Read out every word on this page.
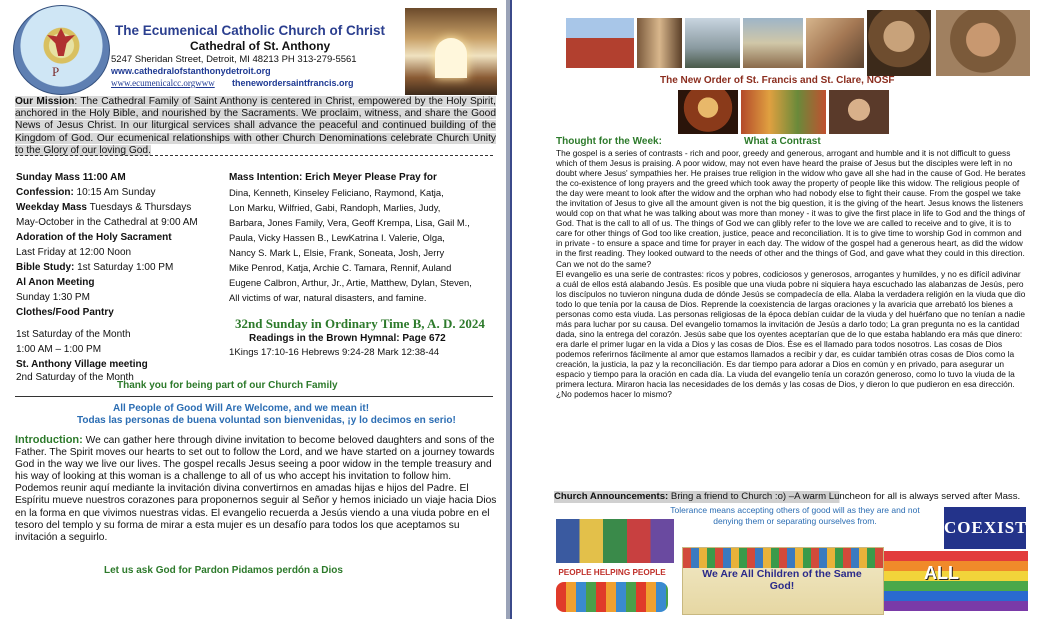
P
The Ecumenical Catholic Church of Christ
Cathedral of St. Anthony
5247 Sheridan Street, Detroit, MI 48213 PH 313-279-5561
www.cathedralofstanthonydetroit.org
www.ecumenicalcc.orgwww thenewordersaintfrancis.org
Our Mission: The Cathedral Family of Saint Anthony is centered in Christ, empowered by the Holy Spirit, anchored in the Holy Bible, and nourished by the Sacraments. We proclaim, witness, and share the Good News of Jesus Christ. In our liturgical services shall advance the peaceful and continued building of the Kingdom of God. Our ecumenical relationships with other Church Denominations celebrate Church Unity to the Glory of our loving God.
Sunday Mass 11:00 AM
Confession: 10:15 Am Sunday
Weekday Mass Tuesdays & Thursdays
May-October in the Cathedral at 9:00 AM
Adoration of the Holy Sacrament
Last Friday at 12:00 Noon
Bible Study: 1st Saturday 1:00 PM
Al Anon Meeting
Sunday 1:30 PM
Clothes/Food Pantry
1st Saturday of the Month
1:00 AM – 1:00 PM
St. Anthony Village meeting
2nd Saturday of the Month
Mass Intention: Erich Meyer Please Pray for
Dina, Kenneth, Kinseley Feliciano, Raymond, Katja,
Lon Marku, Wilfried, Gabi, Randoph, Marlies, Judy,
Barbara, Jones Family, Vera, Geoff Krempa, Lisa, Gail M.,
Paula, Vicky Hassen B., LewKatrina I. Valerie, Olga,
Nancy S. Mark L, Elsie, Frank, Soneata, Josh, Jerry
Mike Penrod, Katja, Archie C. Tamara, Rennif, Auland
Eugene Calbron, Arthur, Jr., Artie, Matthew, Dylan, Steven,
All victims of war, natural disasters, and famine.
32nd Sunday in Ordinary Time B, A. D. 2024
Readings in the Brown Hymnal: Page 672
1Kings 17:10-16 Hebrews 9:24-28 Mark 12:38-44
Thank you for being part of our Church Family
All People of Good Will Are Welcome, and we mean it!
Todas las personas de buena voluntad son bienvenidas, ¡y lo decimos en serio!
Introduction: We can gather here through divine invitation to become beloved daughters and sons of the Father. The Spirit moves our hearts to set out to follow the Lord, and we have started on a journey towards God in the way we live our lives. The gospel recalls Jesus seeing a poor widow in the temple treasury and his way of looking at this woman is a challenge to all of us who accept his invitation to follow him.
Podemos reunir aquí mediante la invitación divina convertirnos en amadas hijas e hijos del Padre. El Espíritu mueve nuestros corazones para proponernos seguir al Señor y hemos iniciado un viaje hacia Dios en la forma en que vivimos nuestras vidas. El evangelio recuerda a Jesús viendo a una viuda pobre en el tesoro del templo y su forma de mirar a esta mujer es un desafío para todos los que aceptamos su invitación a seguirlo.
Let us ask God for Pardon Pidamos perdón a Dios
The New Order of St. Francis and St. Clare, NOSF
Thought for the Week:	What a Contrast
The gospel is a series of contrasts - rich and poor, greedy and generous, arrogant and humble and it is not difficult to guess which of them Jesus is praising. A poor widow, may not even have heard the praise of Jesus but the disciples were left in no doubt where Jesus' sympathies her. He praises true religion in the widow who gave all she had in the cause of God. He berates the co-existence of long prayers and the greed which took away the property of people like this widow. The religious people of the day were meant to look after the widow and the orphan who had nobody else to fight their cause. From the gospel we take the invitation of Jesus to give all the amount given is not the big question, it is the giving of the heart. Jesus knows the listeners would cop on that what he was talking about was more than money - it was to give the first place in life to God and the things of God. That is the call to all of us. The things of God we can glibly refer to the love we are called to receive and to give, it is to care for other things of God too like creation, justice, peace and reconciliation. It is to give time to worship God in common and in private - to ensure a space and time for prayer in each day. The widow of the gospel had a generous heart, as did the widow in the first reading. They looked outward to the needs of other and the things of God, and gave what they could in this direction. Can we not do the same?
El evangelio es una serie de contrastes: ricos y pobres, codiciosos y generosos, arrogantes y humildes, y no es difícil adivinar a cuál de ellos está alabando Jesús. Es posible que una viuda pobre ni siquiera haya escuchado las alabanzas de Jesús, pero los discípulos no tuvieron ninguna duda de dónde Jesús se compadecía de ella. Alaba la verdadera religión en la viuda que dio todo lo que tenía por la causa de Dios. Reprende la coexistencia de largas oraciones y la avaricia que arrebató los bienes a personas como esta viuda. Las personas religiosas de la época debían cuidar de la viuda y del huérfano que no tenían a nadie más para luchar por su causa. Del evangelio tomamos la invitación de Jesús a darlo todo; La gran pregunta no es la cantidad dada, sino la entrega del corazón. Jesús sabe que los oyentes aceptarían que de lo que estaba hablando era más que dinero: era darle el primer lugar en la vida a Dios y las cosas de Dios. Ése es el llamado para todos nosotros. Las cosas de Dios podemos referirnos fácilmente al amor que estamos llamados a recibir y dar, es cuidar también otras cosas de Dios como la creación, la justicia, la paz y la reconciliación. Es dar tiempo para adorar a Dios en común y en privado, para asegurar un espacio y tiempo para la oración en cada día. La viuda del evangelio tenía un corazón generoso, como lo tuvo la viuda de la primera lectura. Miraron hacia las necesidades de los demás y las cosas de Dios, y dieron lo que pudieron en esa dirección. ¿No podemos hacer lo mismo?
Church Announcements: Bring a friend to Church :o) –A warm Luncheon for all is always served after Mass.
Tolerance means accepting others of good will as they are and not denying them or separating ourselves from.	COEXIST
PEOPLE HELPING PEOPLE	We Are All Children of the Same God!
ALL
